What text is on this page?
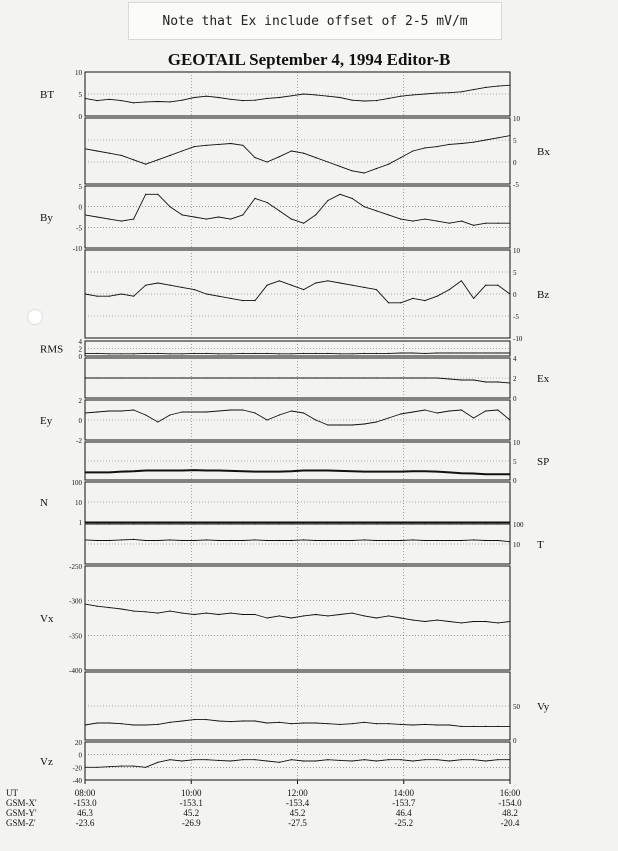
Note that Ex include offset of 2-5 mV/m
GEOTAIL September 4, 1994 Editor-B
0
5
10
BT
-5
0
5
10
Bx
-10
-5
0
5
By
-10
-5
0
5
10
Bz
0
2
4
RMS
0
2
4
Ex
-2
0
2
Ey
0
5
10
SP
1
10
100
N
10
100
T
-400
-350
-300
-250
Vx
0
50 Vy
-40
-20
0
20
Vz
UT
GSM-X'
GSM-Y'
GSM-Z'
08:00
-153.0
46.3
-23.6
10:00
-153.1
45.2
-26.9
12:00
-153.4
45.2
-27.5
14:00
-153.7
46.4
-25.2
16:00
-154.0
48.2
-20.4
